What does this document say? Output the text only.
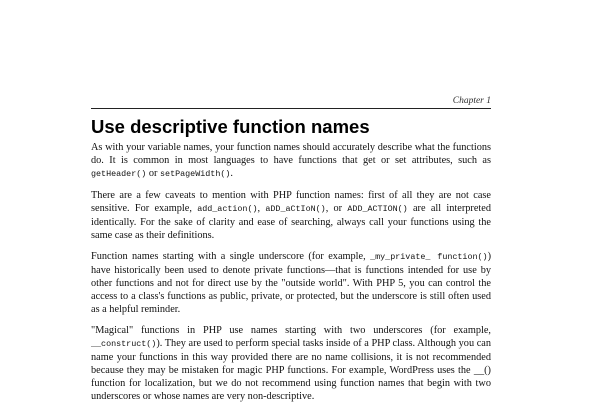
Chapter 1
Use descriptive function names

As with your variable names, your function names should accurately describe what the functions do. It is common in most languages to have functions that get or set attributes, such as getHeader() or setPageWidth().

There are a few caveats to mention with PHP function names: first of all they are not case sensitive. For example, add_action(), aDD_aCtIoN(), or ADD_ACTION() are all interpreted identically. For the sake of clarity and ease of searching, always call your functions using the same case as their definitions.

Function names starting with a single underscore (for example, _my_private_ function()) have historically been used to denote private functions—that is functions intended for use by other functions and not for direct use by the "outside world". With PHP 5, you can control the access to a class's functions as public, private, or protected, but the underscore is still often used as a helpful reminder.

"Magical" functions in PHP use names starting with two underscores (for example, __construct()). They are used to perform special tasks inside of a PHP class. Although you can name your functions in this way provided there are no name collisions, it is not recommended because they may be mistaken for magic PHP functions. For example, WordPress uses the __() function for localization, but we do not recommend using function names that begin with two underscores or whose names are very non-descriptive.
